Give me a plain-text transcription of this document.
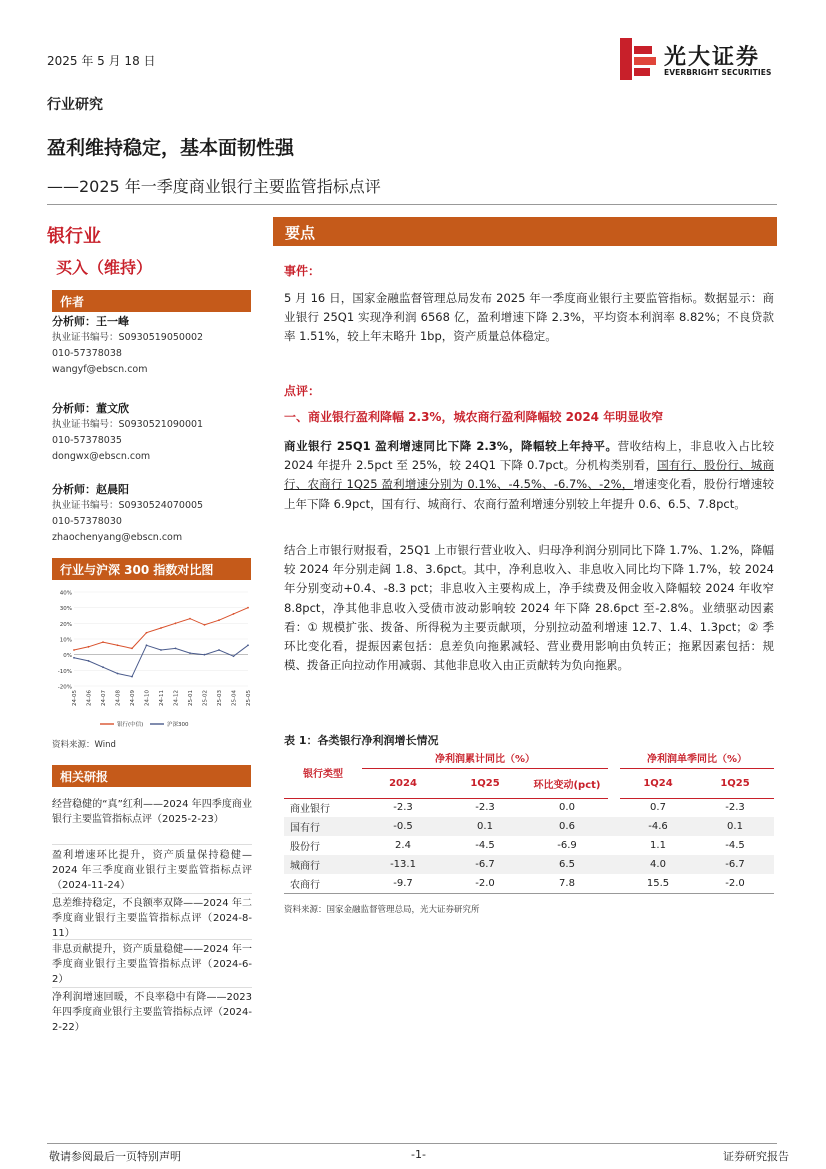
2025 年 5 月 18 日	光大证券
EVERBRIGHT SECURITIES
行业研究
盈利维持稳定，基本面韧性强
——2025 年一季度商业银行主要监管指标点评
银行业
买入（维持）
作者
分析师：王一峰
执业证书编号：S0930519050002
010-57378038
wangyf@ebscn.com
分析师：董文欣
执业证书编号：S0930521090001
010-57378035
dongwx@ebscn.com
分析师：赵晨阳
执业证书编号：S0930524070005
010-57378030
zhaochenyang@ebscn.com
行业与沪深 300 指数对比图
40%
30%
20%
10%
0%
-10%
-20%
24-05 24-06 24-07 24-08 24-09 24-10 24-11 24-12 25-01 25-02 25-03 25-04 25-05
银行(中信)	沪深300
资料来源：Wind
相关研报
经营稳健的“真”红利——2024 年四季度商业银行主要监管指标点评（2025-2-23）
盈利增速环比提升，资产质量保持稳健—2024 年三季度商业银行主要监管指标点评（2024-11-24）
息差维持稳定，不良额率双降——2024 年二季度商业银行主要监管指标点评（2024-8-11）
非息贡献提升，资产质量稳健——2024 年一季度商业银行主要监管指标点评（2024-6-2）
净利润增速回暖，不良率稳中有降——2023 年四季度商业银行主要监管指标点评（2024-2-22）
要点
事件：
5 月 16 日，国家金融监督管理总局发布 2025 年一季度商业银行主要监管指标。数据显示：商业银行 25Q1 实现净利润 6568 亿，盈利增速下降 2.3%，平均资本利润率 8.82%；不良贷款率 1.51%，较上年末略升 1bp，资产质量总体稳定。
点评：
一、商业银行盈利降幅 2.3%，城农商行盈利降幅较 2024 年明显收窄
商业银行 25Q1 盈利增速同比下降 2.3%，降幅较上年持平。营收结构上，非息收入占比较 2024 年提升 2.5pct 至 25%，较 24Q1 下降 0.7pct。分机构类别看，国有行、股份行、城商行、农商行 1Q25 盈利增速分别为 0.1%、-4.5%、-6.7%、-2%，增速变化看，股份行增速较上年下降 6.9pct，国有行、城商行、农商行盈利增速分别较上年提升 0.6、6.5、7.8pct。
结合上市银行财报看，25Q1 上市银行营业收入、归母净利润分别同比下降 1.7%、1.2%，降幅较 2024 年分别走阔 1.8、3.6pct。其中，净利息收入、非息收入同比均下降 1.7%，较 2024 年分别变动+0.4、-8.3 pct；非息收入主要构成上，净手续费及佣金收入降幅较 2024 年收窄 8.8pct，净其他非息收入受债市波动影响较 2024 年下降 28.6pct 至-2.8%。业绩驱动因素看：① 规模扩张、拨备、所得税为主要贡献项，分别拉动盈利增速 12.7、1.4、1.3pct；② 季环比变化看，提振因素包括：息差负向拖累减轻、营业费用影响由负转正；拖累因素包括：规模、拨备正向拉动作用减弱、其他非息收入由正贡献转为负向拖累。
表 1：各类银行净利润增长情况
银行类型	净利润累计同比（%）				净利润单季同比（%）	
	2024	1Q25	环比变动(pct)		1Q24	1Q25
商业银行	-2.3	-2.3	0.0		0.7	-2.3
国有行	-0.5	0.1	0.6		-4.6	0.1
股份行	2.4	-4.5	-6.9		1.1	-4.5
城商行	-13.1	-6.7	6.5		4.0	-6.7
农商行	-9.7	-2.0	7.8		15.5	-2.0
资料来源：国家金融监督管理总局，光大证券研究所
敬请参阅最后一页特别声明	-1-	证券研究报告
